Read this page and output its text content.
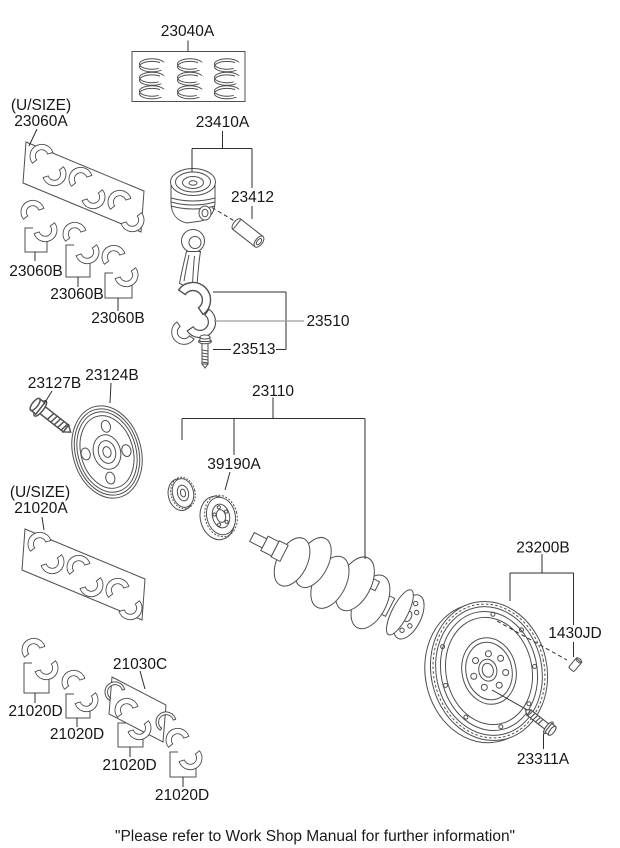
23040A
(U/SIZE)
23060A	23410A
23412
23060B
23060B
23060B	23510
23513
23127B 23124B
23110
39190A
(U/SIZE)
21020A
21030C
21020D
21020D
21020D
21020D
23200B
1430JD
23311A
"Please refer to Work Shop Manual for further information"
